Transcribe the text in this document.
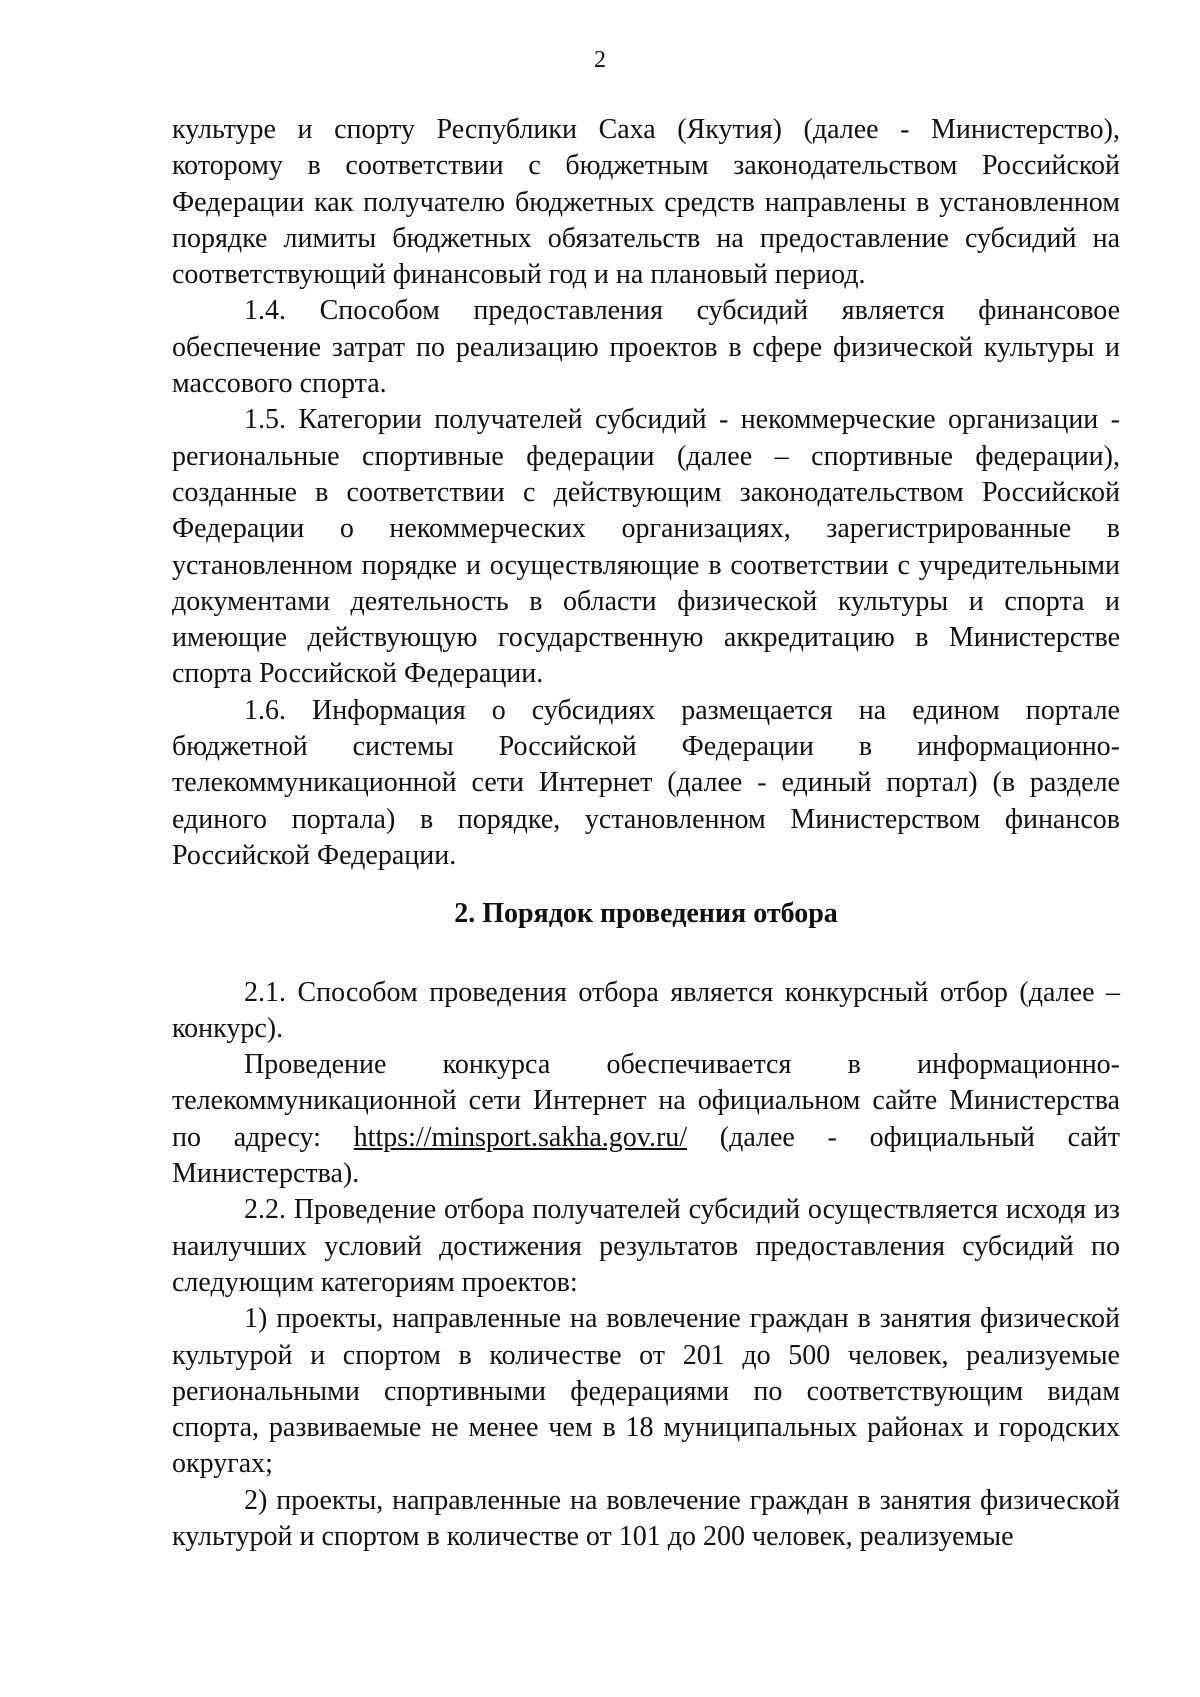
2

культуре и спорту Республики Саха (Якутия) (далее - Министерство), которому в соответствии с бюджетным законодательством Российской Федерации как получателю бюджетных средств направлены в установленном порядке лимиты бюджетных обязательств на предоставление субсидий на соответствующий финансовый год и на плановый период.

1.4. Способом предоставления субсидий является финансовое обеспечение затрат по реализацию проектов в сфере физической культуры и массового спорта.

1.5. Категории получателей субсидий - некоммерческие организации - региональные спортивные федерации (далее – спортивные федерации), созданные в соответствии с действующим законодательством Российской Федерации о некоммерческих организациях, зарегистрированные в установленном порядке и осуществляющие в соответствии с учредительными документами деятельность в области физической культуры и спорта и имеющие действующую государственную аккредитацию в Министерстве спорта Российской Федерации.

1.6. Информация о субсидиях размещается на едином портале бюджетной системы Российской Федерации в информационно-телекоммуникационной сети Интернет (далее - единый портал) (в разделе единого портала) в порядке, установленном Министерством финансов Российской Федерации.

2. Порядок проведения отбора

2.1. Способом проведения отбора является конкурсный отбор (далее – конкурс).

Проведение конкурса обеспечивается в информационно-телекоммуникационной сети Интернет на официальном сайте Министерства по адресу: https://minsport.sakha.gov.ru/ (далее - официальный сайт Министерства).

2.2. Проведение отбора получателей субсидий осуществляется исходя из наилучших условий достижения результатов предоставления субсидий по следующим категориям проектов:

1) проекты, направленные на вовлечение граждан в занятия физической культурой и спортом в количестве от 201 до 500 человек, реализуемые региональными спортивными федерациями по соответствующим видам спорта, развиваемые не менее чем в 18 муниципальных районах и городских округах;

2) проекты, направленные на вовлечение граждан в занятия физической культурой и спортом в количестве от 101 до 200 человек, реализуемые
